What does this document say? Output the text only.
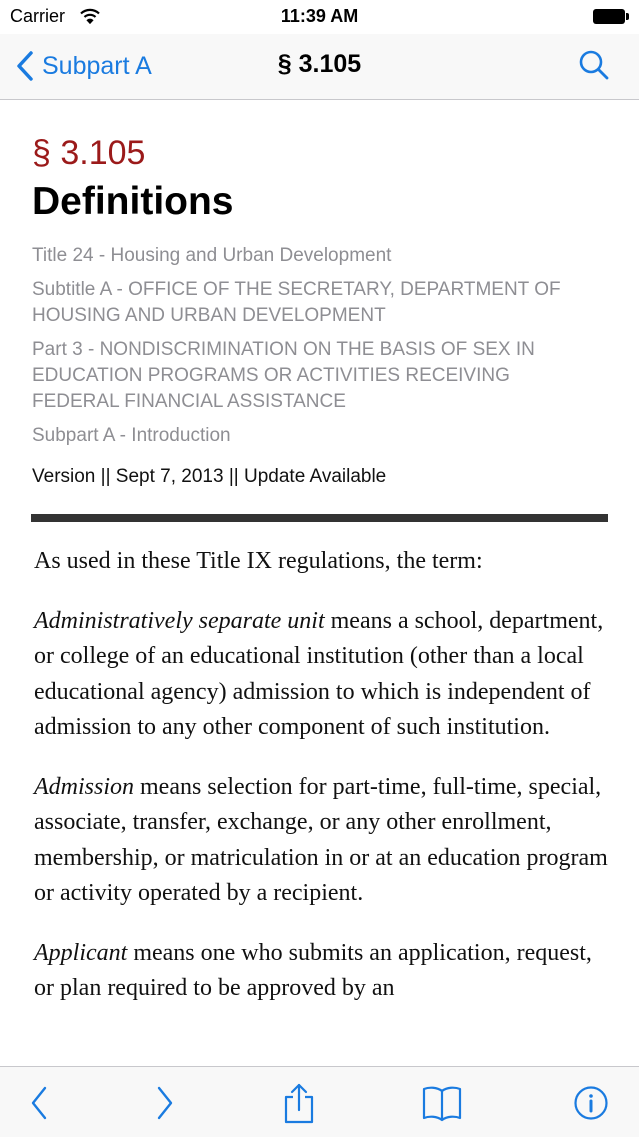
Carrier	11:39 AM
Subpart A	§ 3.105
§ 3.105
Definitions
Title 24 - Housing and Urban Development
Subtitle A - OFFICE OF THE SECRETARY, DEPARTMENT OF HOUSING AND URBAN DEVELOPMENT
Part 3 - NONDISCRIMINATION ON THE BASIS OF SEX IN EDUCATION PROGRAMS OR ACTIVITIES RECEIVING FEDERAL FINANCIAL ASSISTANCE
Subpart A - Introduction
Version || Sept 7, 2013 || Update Available

As used in these Title IX regulations, the term:

Administratively separate unit means a school, department, or college of an educational institution (other than a local educational agency) admission to which is independent of admission to any other component of such institution.

Admission means selection for part-time, full-time, special, associate, transfer, exchange, or any other enrollment, membership, or matriculation in or at an education program or activity operated by a recipient.

Applicant means one who submits an application, request, or plan required to be approved by an
